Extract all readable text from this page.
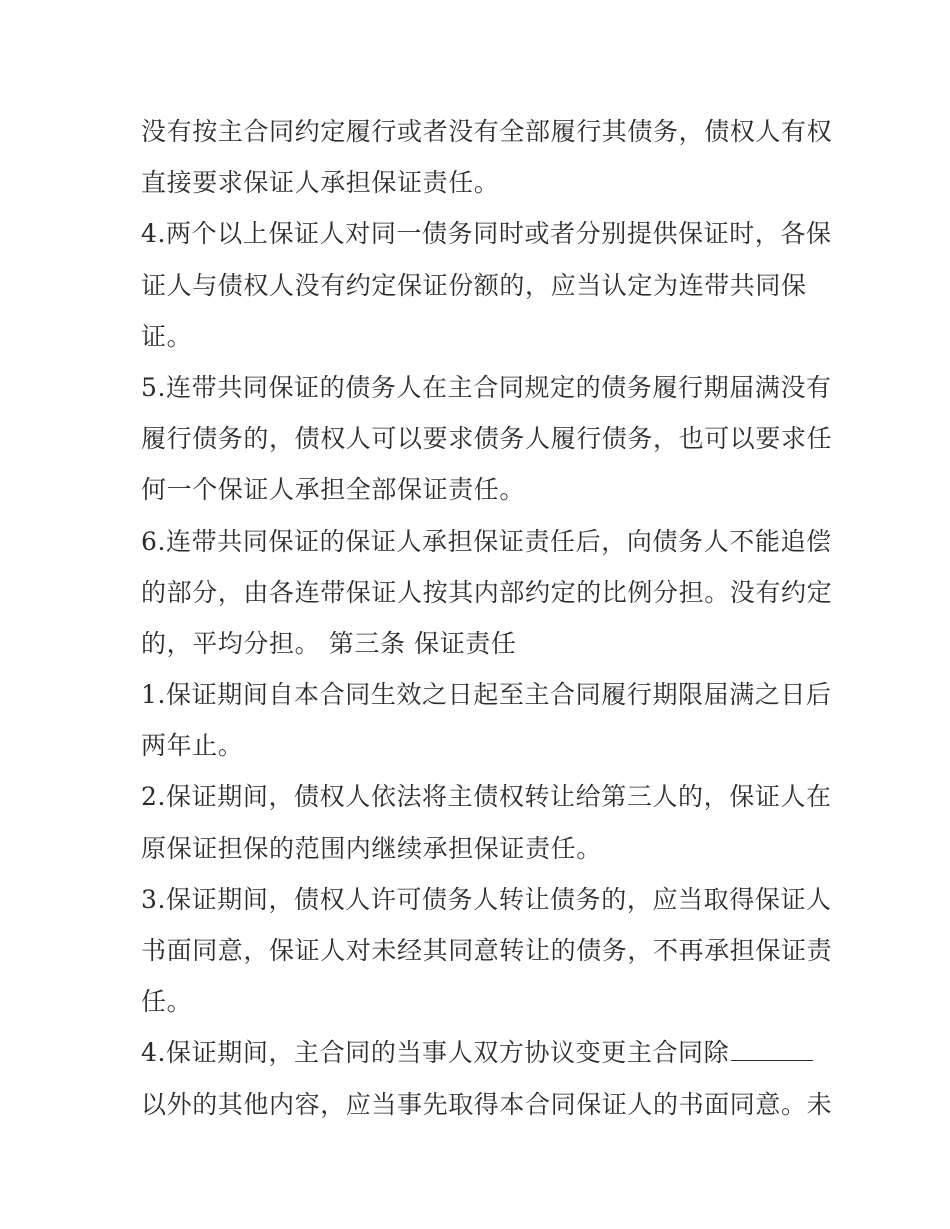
没有按主合同约定履行或者没有全部履行其债务，债权人有权
直接要求保证人承担保证责任。
4.两个以上保证人对同一债务同时或者分别提供保证时，各保
证人与债权人没有约定保证份额的，应当认定为连带共同保
证。
5.连带共同保证的债务人在主合同规定的债务履行期届满没有
履行债务的，债权人可以要求债务人履行债务，也可以要求任
何一个保证人承担全部保证责任。
6.连带共同保证的保证人承担保证责任后，向债务人不能追偿
的部分，由各连带保证人按其内部约定的比例分担。没有约定
的，平均分担。 第三条 保证责任
1.保证期间自本合同生效之日起至主合同履行期限届满之日后
两年止。
2.保证期间，债权人依法将主债权转让给第三人的，保证人在
原保证担保的范围内继续承担保证责任。
3.保证期间，债权人许可债务人转让债务的，应当取得保证人
书面同意，保证人对未经其同意转让的债务，不再承担保证责
任。
4.保证期间，主合同的当事人双方协议变更主合同除
以外的其他内容，应当事先取得本合同保证人的书面同意。未
